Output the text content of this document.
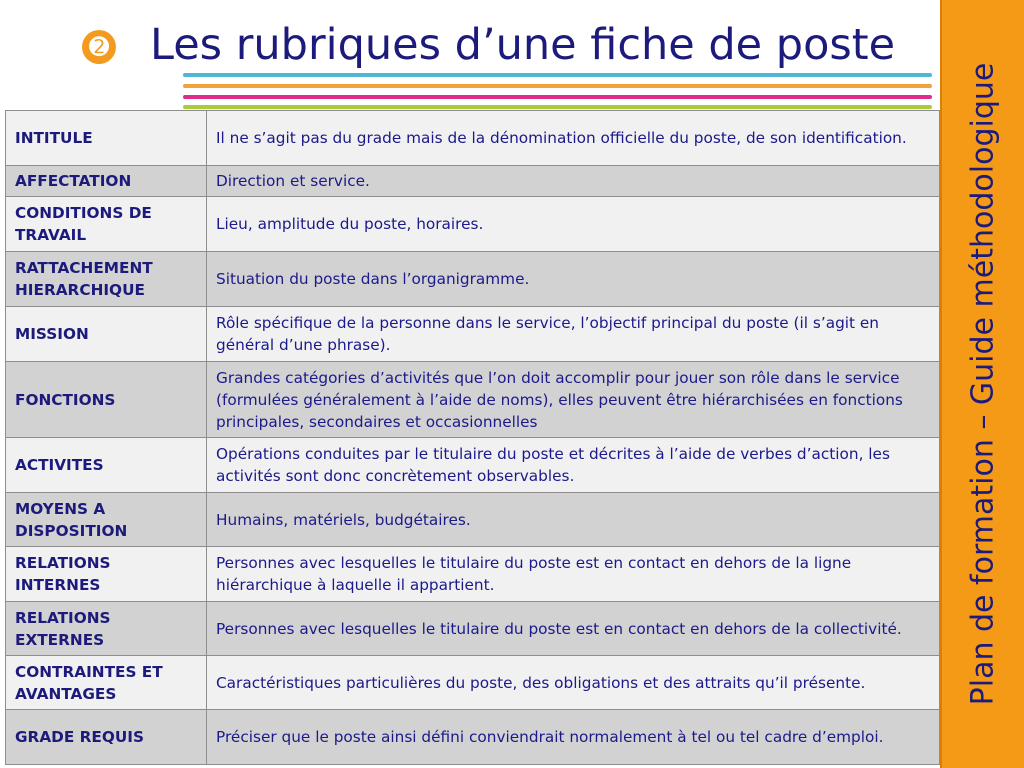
➋ Les rubriques d’une fiche de poste
Plan de formation – Guide méthodologique
INTITULE	Il ne s’agit pas du grade mais de la dénomination officielle du poste, de son identification.
AFFECTATION	Direction et service.
CONDITIONS DE TRAVAIL	Lieu, amplitude du poste, horaires.
RATTACHEMENT HIERARCHIQUE	Situation du poste dans l’organigramme.
MISSION	Rôle spécifique de la personne dans le service, l’objectif principal du poste (il s’agit en général d’une phrase).
FONCTIONS	Grandes catégories d’activités que l’on doit accomplir pour jouer son rôle dans le service (formulées généralement à l’aide de noms), elles peuvent être hiérarchisées en fonctions principales, secondaires et occasionnelles
ACTIVITES	Opérations conduites par le titulaire du poste et décrites à l’aide de verbes d’action, les activités sont donc concrètement observables.
MOYENS A DISPOSITION	Humains, matériels, budgétaires.
RELATIONS INTERNES	Personnes avec lesquelles le titulaire du poste est en contact en dehors de la ligne hiérarchique à laquelle il appartient.
RELATIONS EXTERNES	Personnes avec lesquelles le titulaire du poste est en contact en dehors de la collectivité.
CONTRAINTES ET AVANTAGES	Caractéristiques particulières du poste, des obligations et des attraits qu’il présente.
GRADE REQUIS	Préciser que le poste ainsi défini conviendrait normalement à tel ou tel cadre d’emploi.
